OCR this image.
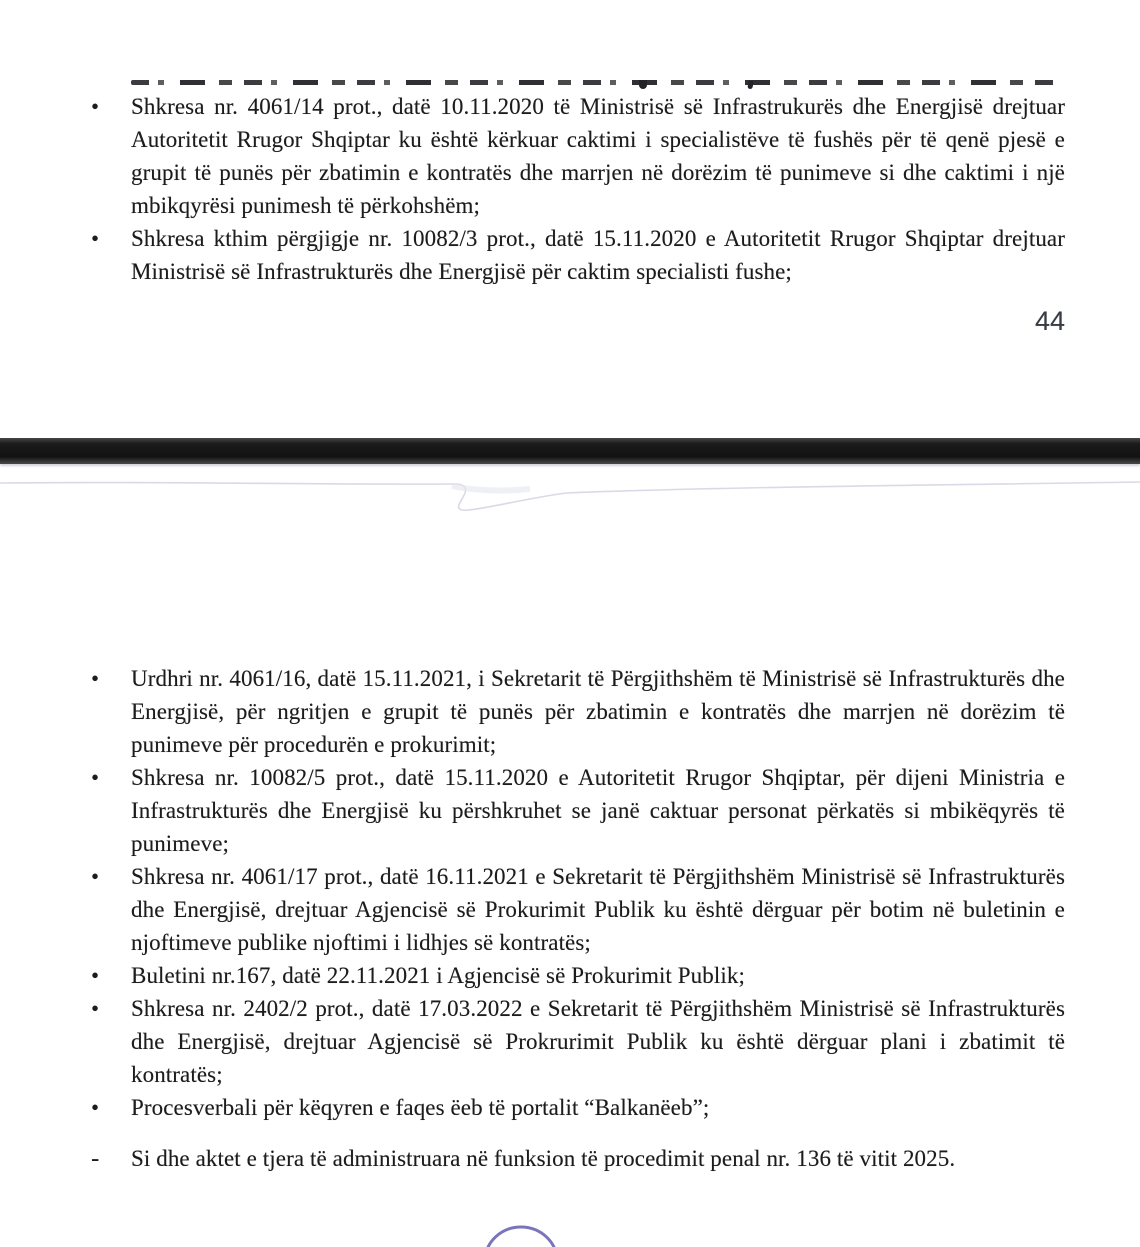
•	Shkresa nr. 4061/14 prot., datë 10.11.2020 të Ministrisë së Infrastrukurës dhe Energjisë drejtuar Autoritetit Rrugor Shqiptar ku është kërkuar caktimi i specialistëve të fushës për të qenë pjesë e grupit të punës për zbatimin e kontratës dhe marrjen në dorëzim të punimeve si dhe caktimi i një mbikqyrësi punimesh të përkohshëm;

•	Shkresa kthim përgjigje nr. 10082/3 prot., datë 15.11.2020 e Autoritetit Rrugor Shqiptar drejtuar Ministrisë së Infrastrukturës dhe Energjisë për caktim specialisti fushe;

44
•	Urdhri nr. 4061/16, datë 15.11.2021, i Sekretarit të Përgjithshëm të Ministrisë së Infrastrukturës dhe Energjisë, për ngritjen e grupit të punës për zbatimin e kontratës dhe marrjen në dorëzim të punimeve për procedurën e prokurimit;

•	Shkresa nr. 10082/5 prot., datë 15.11.2020 e Autoritetit Rrugor Shqiptar, për dijeni Ministria e Infrastrukturës dhe Energjisë ku përshkruhet se janë caktuar personat përkatës si mbikëqyrës të punimeve;

•	Shkresa nr. 4061/17 prot., datë 16.11.2021 e Sekretarit të Përgjithshëm Ministrisë së Infrastrukturës dhe Energjisë, drejtuar Agjencisë së Prokurimit Publik ku është dërguar për botim në buletinin e njoftimeve publike njoftimi i lidhjes së kontratës;

•	Buletini nr.167, datë 22.11.2021 i Agjencisë së Prokurimit Publik;

•	Shkresa nr. 2402/2 prot., datë 17.03.2022 e Sekretarit të Përgjithshëm Ministrisë së Infrastrukturës dhe Energjisë, drejtuar Agjencisë së Prokrurimit Publik ku është dërguar plani i zbatimit të kontratës;

•	Procesverbali për këqyren e faqes ëeb të portalit “Balkanëeb”;

-	Si dhe aktet e tjera të administruara në funksion të procedimit penal nr. 136 të vitit 2025.
